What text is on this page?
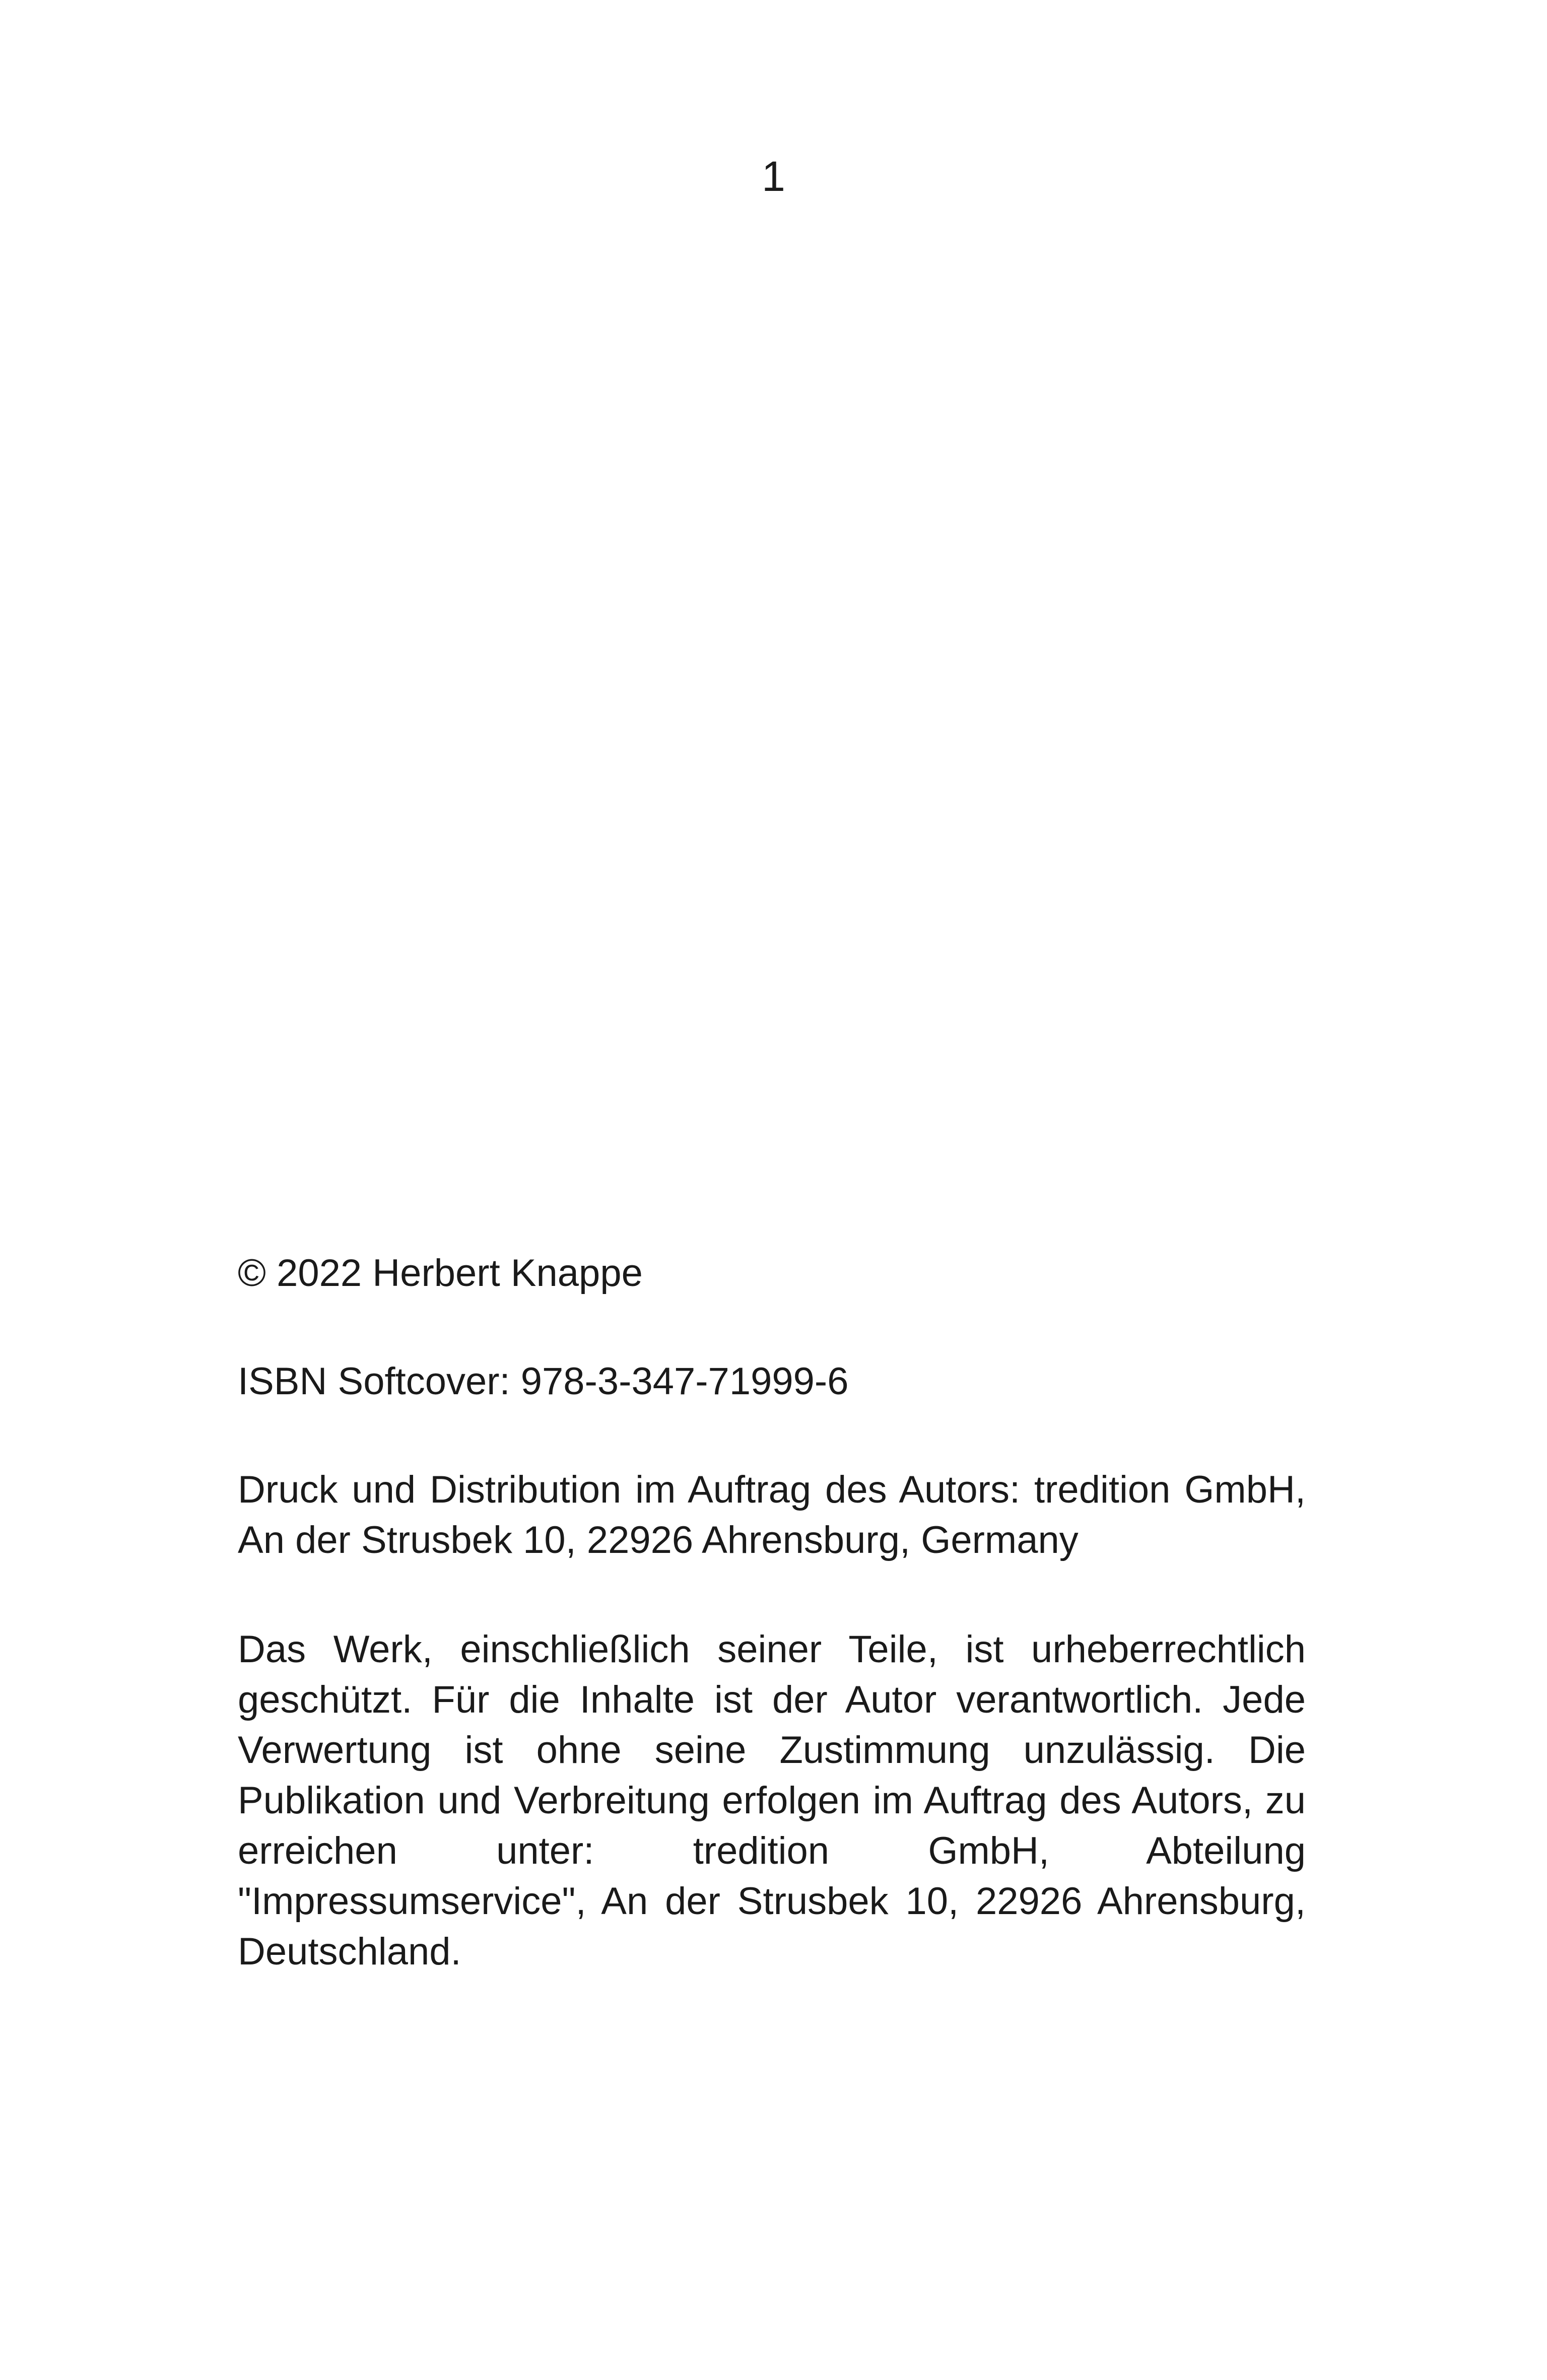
1

© 2022 Herbert Knappe

ISBN Softcover: 978-3-347-71999-6

Druck und Distribution im Auftrag des Autors: tredition GmbH, An der Strusbek 10, 22926 Ahrensburg, Germany

Das Werk, einschließlich seiner Teile, ist urheberrechtlich geschützt. Für die Inhalte ist der Autor verantwortlich. Jede Verwertung ist ohne seine Zustimmung unzulässig. Die Publikation und Verbreitung erfolgen im Auftrag des Autors, zu erreichen unter: tredition GmbH, Abteilung "Impressumservice", An der Strusbek 10, 22926 Ahrensburg, Deutschland.
